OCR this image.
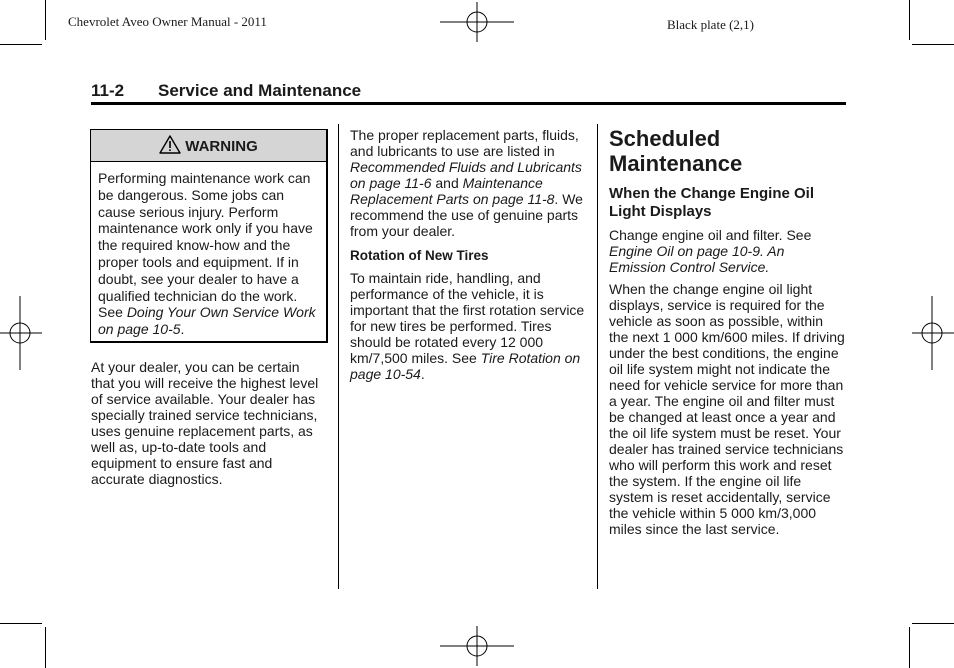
Chevrolet Aveo Owner Manual - 2011	Black plate (2,1)
11-2 Service and Maintenance
WARNING
Performing maintenance work can be dangerous. Some jobs can cause serious injury. Perform maintenance work only if you have the required know-how and the proper tools and equipment. If in doubt, see your dealer to have a qualified technician do the work. See Doing Your Own Service Work on page 10-5.

At your dealer, you can be certain that you will receive the highest level of service available. Your dealer has specially trained service technicians, uses genuine replacement parts, as well as, up-to-date tools and equipment to ensure fast and accurate diagnostics.

The proper replacement parts, fluids, and lubricants to use are listed in Recommended Fluids and Lubricants on page 11-6 and Maintenance Replacement Parts on page 11-8. We recommend the use of genuine parts from your dealer.

Rotation of New Tires

To maintain ride, handling, and performance of the vehicle, it is important that the first rotation service for new tires be performed. Tires should be rotated every 12 000 km/7,500 miles. See Tire Rotation on page 10-54.

Scheduled Maintenance

When the Change Engine Oil Light Displays

Change engine oil and filter. See Engine Oil on page 10-9. An Emission Control Service.

When the change engine oil light displays, service is required for the vehicle as soon as possible, within the next 1 000 km/600 miles. If driving under the best conditions, the engine oil life system might not indicate the need for vehicle service for more than a year. The engine oil and filter must be changed at least once a year and the oil life system must be reset. Your dealer has trained service technicians who will perform this work and reset the system. If the engine oil life system is reset accidentally, service the vehicle within 5 000 km/3,000 miles since the last service.
